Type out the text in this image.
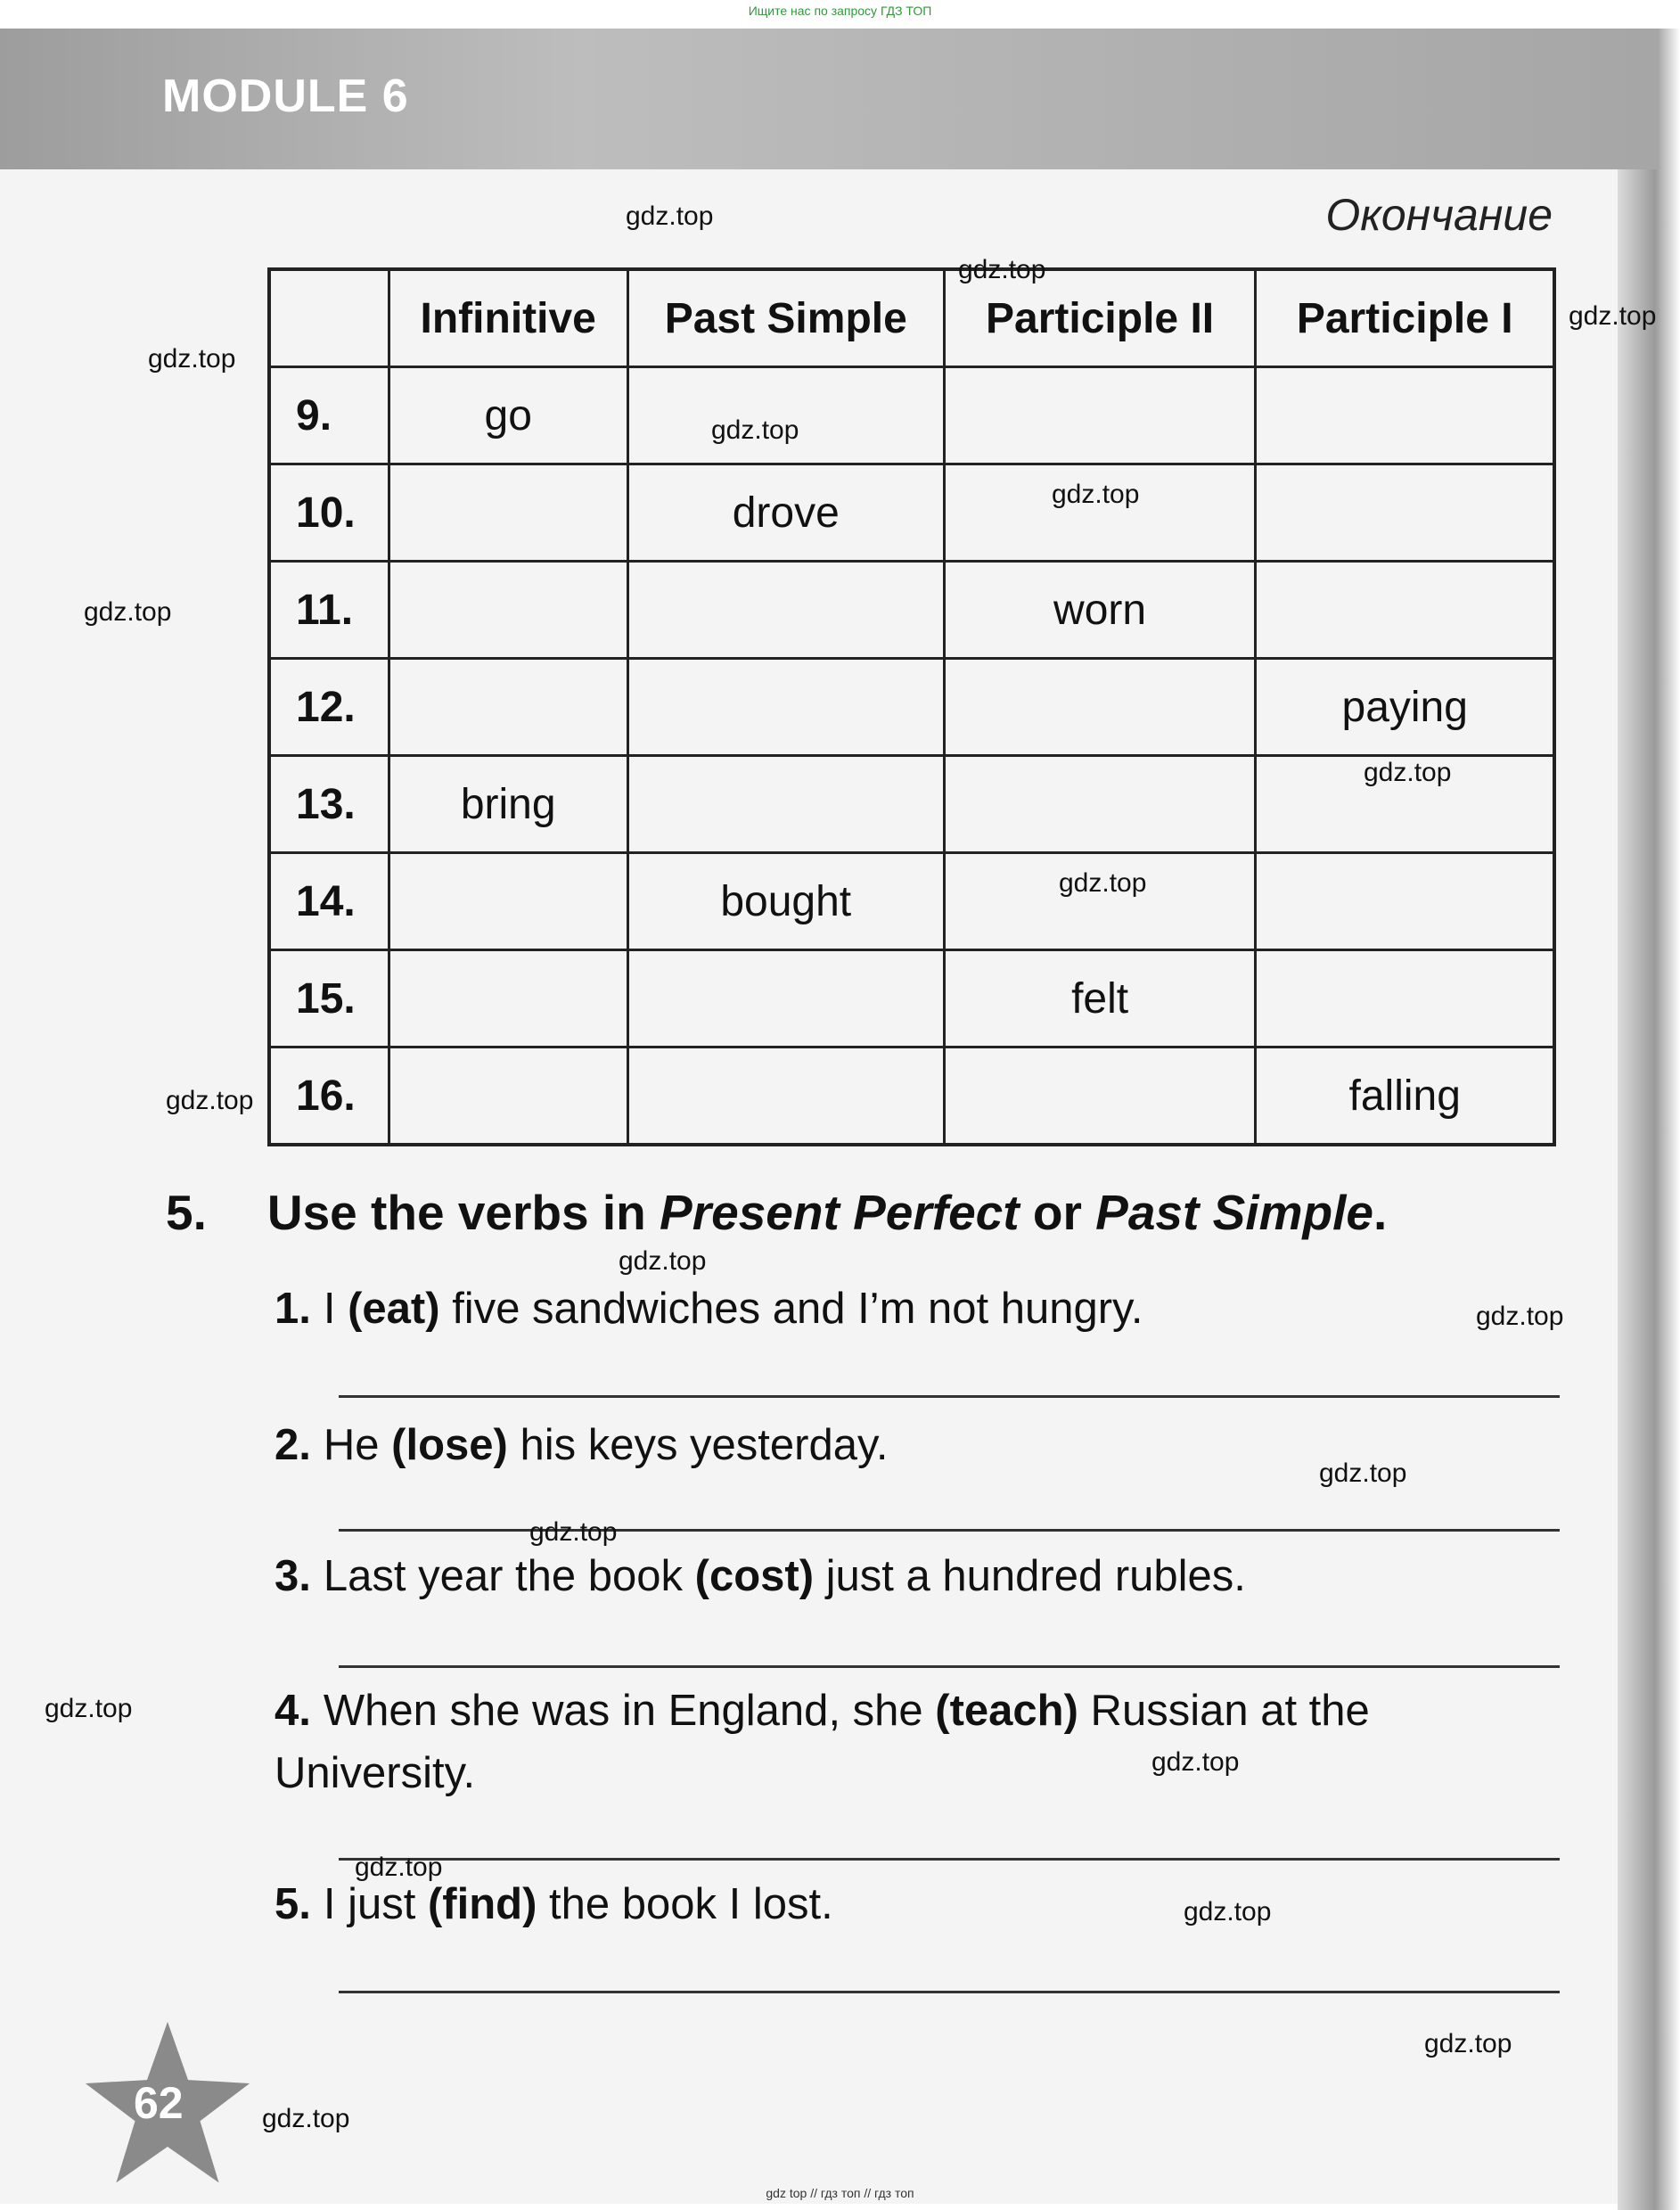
Ищите нас по запросу ГДЗ ТОП
MODULE 6
Окончание
	Infinitive	Past Simple	Participle II	Participle I
9.	go			
10.		drove		
11.			worn	
12.				paying
13.	bring			
14.		bought		
15.			felt	
16.				falling
5. Use the verbs in Present Perfect or Past Simple.
1. I (eat) five sandwiches and I’m not hungry.
2. He (lose) his keys yesterday.
3. Last year the book (cost) just a hundred rubles.
4. When she was in England, she (teach) Russian at the
University.
5. I just (find) the book I lost.
62
gdz.top
gdz.top
gdz.top
gdz.top
gdz.top
gdz.top
gdz.top
gdz.top
gdz.top
gdz.top
gdz.top
gdz.top
gdz.top
gdz.top
gdz.top
gdz.top
gdz.top
gdz.top
gdz.top
gdz.top
gdz top // гдз топ // гдз топ
